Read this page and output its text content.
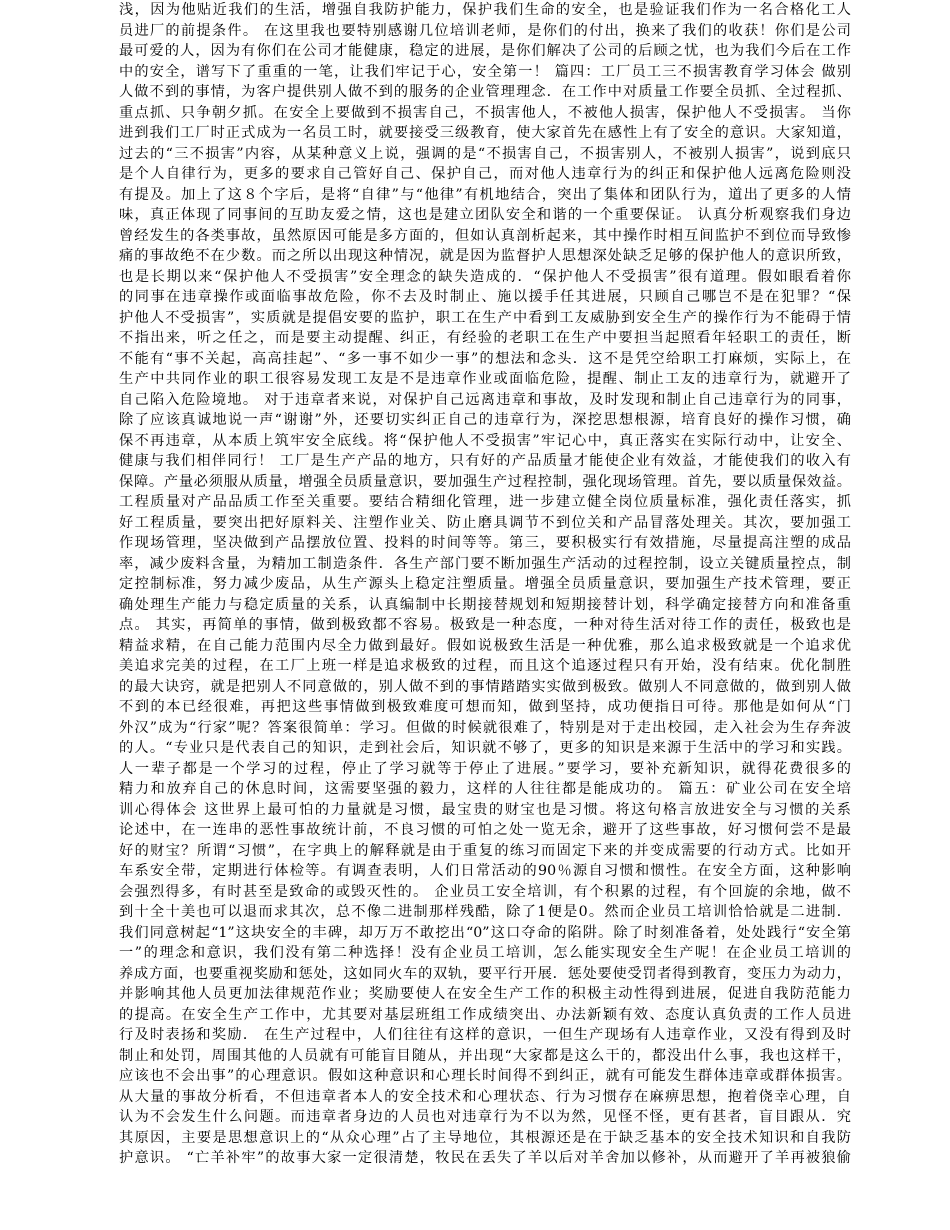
浅，因为他贴近我们的生活，增强自我防护能力，保护我们生命的安全，也是验证我们作为一名合格化工人
员进厂的前提条件。 在这里我也要特别感谢几位培训老师，是你们的付出，换来了我们的收获！你们是公司
最可爱的人，因为有你们在公司才能健康，稳定的进展，是你们解决了公司的后顾之忧，也为我们今后在工作
中的安全，谱写下了重重的一笔，让我们牢记于心，安全第一！ 篇四：工厂员工三不损害教育学习体会 做别
人做不到的事情，为客户提供别人做不到的服务的企业管理理念．在工作中对质量工作要全员抓、全过程抓、
重点抓、只争朝夕抓。在安全上要做到不损害自己，不损害他人，不被他人损害，保护他人不受损害。 当你
进到我们工厂时正式成为一名员工时，就要接受三级教育，使大家首先在感性上有了安全的意识。大家知道，
过去的“三不损害”内容，从某种意义上说，强调的是“不损害自己，不损害别人，不被别人损害”，说到底只
是个人自律行为，更多的要求自己管好自己、保护自己，而对他人违章行为的纠正和保护他人远离危险则没
有提及。加上了这８个字后，是将“自律”与“他律”有机地结合，突出了集体和团队行为，道出了更多的人情
味，真正体现了同事间的互助友爱之情，这也是建立团队安全和谐的一个重要保证。 认真分析观察我们身边
曾经发生的各类事故，虽然原因可能是多方面的，但如认真剖析起来，其中操作时相互间监护不到位而导致惨
痛的事故绝不在少数。而之所以出现这种情况，就是因为监督护人思想深处缺乏足够的保护他人的意识所致，
也是长期以来“保护他人不受损害”安全理念的缺失造成的．“保护他人不受损害”很有道理。假如眼看着你
的同事在违章操作或面临事故危险，你不去及时制止、施以援手任其进展，只顾自己哪岂不是在犯罪？“保
护他人不受损害”，实质就是提倡安要的监护，职工在生产中看到工友威胁到安全生产的操作行为不能碍于情
不指出来，听之任之，而是要主动提醒、纠正，有经验的老职工在生产中要担当起照看年轻职工的责任，断
不能有“事不关起，高高挂起”、“多一事不如少一事”的想法和念头．这不是凭空给职工打麻烦，实际上，在
生产中共同作业的职工很容易发现工友是不是违章作业或面临危险，提醒、制止工友的违章行为，就避开了
自己陷入危险境地。 对于违章者来说，对保护自己远离违章和事故，及时发现和制止自己违章行为的同事，
除了应该真诚地说一声“谢谢”外，还要切实纠正自己的违章行为，深挖思想根源，培育良好的操作习惯，确
保不再违章，从本质上筑牢安全底线。将“保护他人不受损害”牢记心中，真正落实在实际行动中，让安全、
健康与我们相伴同行！ 工厂是生产产品的地方，只有好的产品质量才能使企业有效益，才能使我们的收入有
保障。产量必须服从质量，增强全员质量意识，要加强生产过程控制，强化现场管理。首先，要以质量保效益。
工程质量对产品品质工作至关重要。要结合精细化管理，进一步建立健全岗位质量标准，强化责任落实，抓
好工程质量，要突出把好原料关、注塑作业关、防止磨具调节不到位关和产品冒落处理关。其次，要加强工
作现场管理，坚决做到产品摆放位置、投料的时间等等。第三，要积极实行有效措施，尽量提高注塑的成品
率，减少废料含量，为精加工制造条件．各生产部门要不断加强生产活动的过程控制，设立关键质量控点，制
定控制标准，努力减少废品，从生产源头上稳定注塑质量。增强全员质量意识，要加强生产技术管理，要正
确处理生产能力与稳定质量的关系，认真编制中长期接替规划和短期接替计划，科学确定接替方向和准备重
点。 其实，再简单的事情，做到极致都不容易。极致是一种态度，一种对待生活对待工作的责任，极致也是
精益求精，在自己能力范围内尽全力做到最好。假如说极致生活是一种优雅，那么追求极致就是一个追求优
美追求完美的过程，在工厂上班一样是追求极致的过程，而且这个追逐过程只有开始，没有结束。优化制胜
的最大诀窍，就是把别人不同意做的，别人做不到的事情踏踏实实做到极致。做别人不同意做的，做到别人做
不到的本已经很难，再把这些事情做到极致难度可想而知，做到坚持，成功便指日可待。那他是如何从“门
外汉”成为“行家”呢？答案很简单：学习。但做的时候就很难了，特别是对于走出校园，走入社会为生存奔波
的人。“专业只是代表自己的知识，走到社会后，知识就不够了，更多的知识是来源于生活中的学习和实践。
人一辈子都是一个学习的过程，停止了学习就等于停止了进展。”要学习，要补充新知识，就得花费很多的
精力和放弃自己的休息时间，这需要坚强的毅力，这样的人往往都是能成功的。 篇五：矿业公司在安全培
训心得体会 这世界上最可怕的力量就是习惯，最宝贵的财宝也是习惯。将这句格言放进安全与习惯的关系
论述中，在一连串的恶性事故统计前，不良习惯的可怕之处一览无余，避开了这些事故，好习惯何尝不是最
好的财宝？所谓“习惯”，在字典上的解释就是由于重复的练习而固定下来的并变成需要的行动方式。比如开
车系安全带，定期进行体检等。有调查表明，人们日常活动的90％源自习惯和惯性。在安全方面，这种影响
会强烈得多，有时甚至是致命的或毁灭性的。 企业员工安全培训，有个积累的过程，有个回旋的余地，做不
到十全十美也可以退而求其次，总不像二进制那样残酷，除了1便是0。然而企业员工培训恰恰就是二进制．
我们同意树起“1”这块安全的丰碑，却万万不敢挖出“0”这口夺命的陷阱。除了时刻准备着，处处践行“安全第
一”的理念和意识，我们没有第二种选择！没有企业员工培训，怎么能实现安全生产呢！在企业员工培训的
养成方面，也要重视奖励和惩处，这如同火车的双轨，要平行开展．惩处要使受罚者得到教育，变压力为动力，
并影响其他人员更加法律规范作业；奖励要使人在安全生产工作的积极主动性得到进展，促进自我防范能力
的提高。在安全生产工作中，尤其要对基层班组工作成绩突出、办法新颖有效、态度认真负责的工作人员进
行及时表扬和奖励． 在生产过程中，人们往往有这样的意识，一但生产现场有人违章作业，又没有得到及时
制止和处罚，周围其他的人员就有可能盲目随从，并出现“大家都是这么干的，都没出什么事，我也这样干，
应该也不会出事”的心理意识。假如这种意识和心理长时间得不到纠正，就有可能发生群体违章或群体损害。
从大量的事故分析看，不但违章者本人的安全技术和心理状态、行为习惯存在麻痹思想，抱着侥幸心理，自
认为不会发生什么问题。而违章者身边的人员也对违章行为不以为然，见怪不怪，更有甚者，盲目跟从．究
其原因，主要是思想意识上的“从众心理”占了主导地位，其根源还是在于缺乏基本的安全技术知识和自我防
护意识。 “亡羊补牢”的故事大家一定很清楚，牧民在丢失了羊以后对羊舍加以修补，从而避开了羊再被狼偷
